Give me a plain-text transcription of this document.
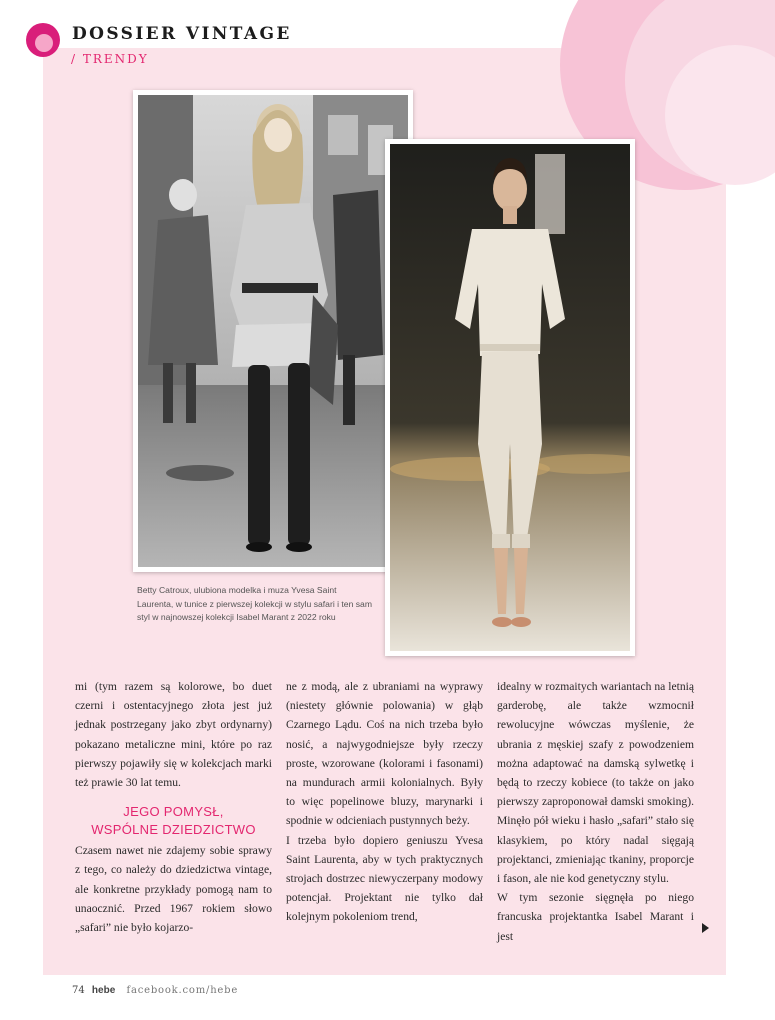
DOSSIER VINTAGE
/ TRENDY
Betty Catroux, ulubiona modelka i muza Yvesa Saint Laurenta, w tunice z pierwszej kolekcji w stylu safari i ten sam styl w najnowszej kolekcji Isabel Marant z 2022 roku

mi (tym razem są kolorowe, bo duet czerni i ostentacyjnego złota jest już jednak postrzegany jako zbyt ordynarny) pokazano metaliczne mini, które po raz pierwszy pojawiły się w kolekcjach marki też prawie 30 lat temu.

JEGO POMYSŁ,
WSPÓLNE DZIEDZICTWO

Czasem nawet nie zdajemy sobie sprawy z tego, co należy do dziedzictwa vintage, ale konkretne przykłady pomogą nam to unaocznić. Przed 1967 rokiem słowo „safari” nie było kojarzo-

ne z modą, ale z ubraniami na wyprawy (niestety głównie polowania) w głąb Czarnego Lądu. Coś na nich trzeba było nosić, a najwygodniejsze były rzeczy proste, wzorowane (kolorami i fasonami) na mundurach armii kolonialnych. Były to więc popelinowe bluzy, marynarki i spodnie w odcieniach pustynnych beży.

I trzeba było dopiero geniuszu Yvesa Saint Laurenta, aby w tych praktycznych strojach dostrzec niewyczerpany modowy potencjał. Projektant nie tylko dał kolejnym pokoleniom trend,

idealny w rozmaitych wariantach na letnią garderobę, ale także wzmocnił rewolucyjne wówczas myślenie, że ubrania z męskiej szafy z powodzeniem można adaptować na damską sylwetkę i będą to rzeczy kobiece (to także on jako pierwszy zaproponował damski smoking). Minęło pół wieku i hasło „safari” stało się klasykiem, po który nadal sięgają projektanci, zmieniając tkaniny, proporcje i fason, ale nie kod genetyczny stylu.

W tym sezonie sięgnęła po niego francuska projektantka Isabel Marant i jest

74 hebe facebook.com/hebe
